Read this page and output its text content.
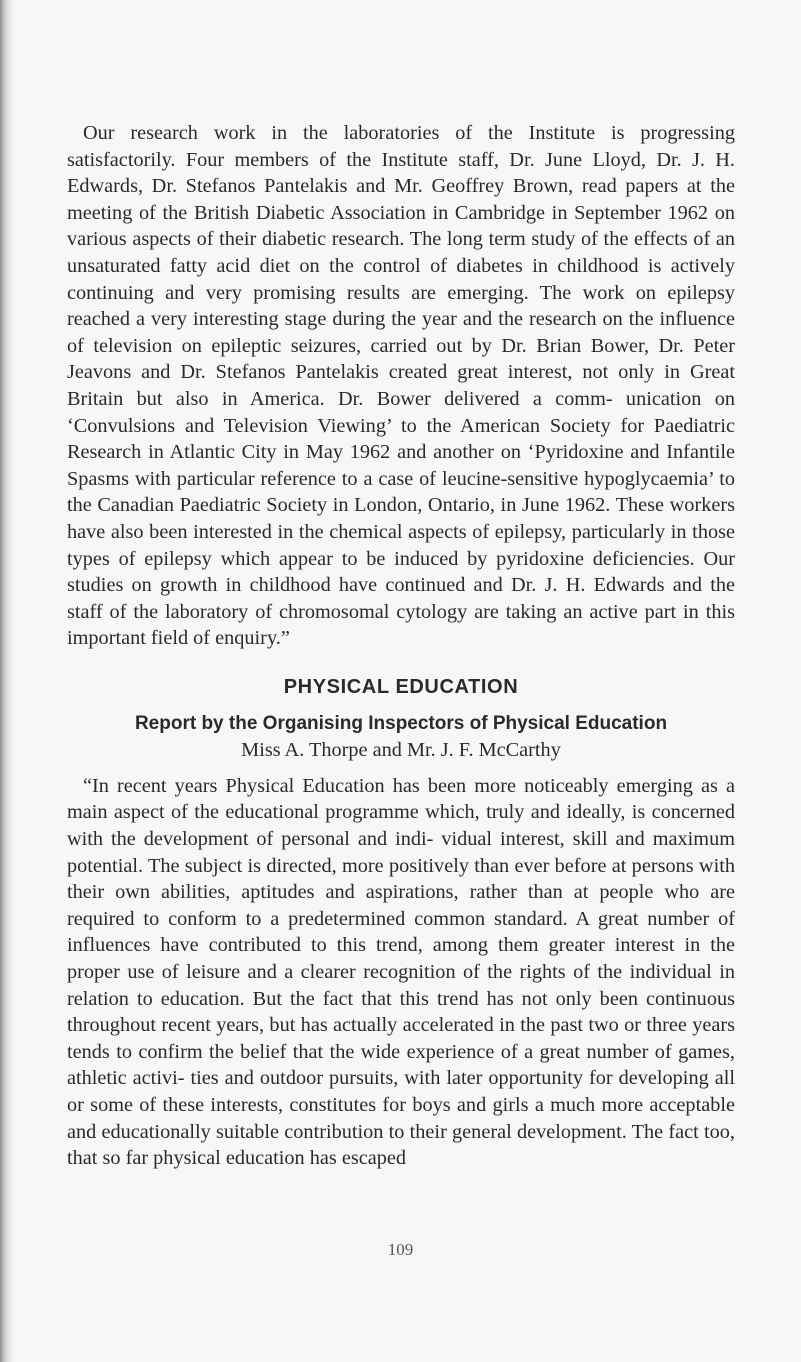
Our research work in the laboratories of the Institute is progressing satisfactorily. Four members of the Institute staff, Dr. June Lloyd, Dr. J. H. Edwards, Dr. Stefanos Pantelakis and Mr. Geoffrey Brown, read papers at the meeting of the British Diabetic Association in Cambridge in September 1962 on various aspects of their diabetic research. The long term study of the effects of an unsaturated fatty acid diet on the control of diabetes in childhood is actively continuing and very promising results are emerging. The work on epilepsy reached a very interesting stage during the year and the research on the influence of television on epileptic seizures, carried out by Dr. Brian Bower, Dr. Peter Jeavons and Dr. Stefanos Pantelakis created great interest, not only in Great Britain but also in America. Dr. Bower delivered a comm- unication on ‘Convulsions and Television Viewing’ to the American Society for Paediatric Research in Atlantic City in May 1962 and another on ‘Pyridoxine and Infantile Spasms with particular reference to a case of leucine-sensitive hypoglycaemia’ to the Canadian Paediatric Society in London, Ontario, in June 1962. These workers have also been interested in the chemical aspects of epilepsy, particularly in those types of epilepsy which appear to be induced by pyridoxine deficiencies. Our studies on growth in childhood have continued and Dr. J. H. Edwards and the staff of the laboratory of chromosomal cytology are taking an active part in this important field of enquiry.”

PHYSICAL EDUCATION
Report by the Organising Inspectors of Physical Education
Miss A. Thorpe and Mr. J. F. McCarthy

“In recent years Physical Education has been more noticeably emerging as a main aspect of the educational programme which, truly and ideally, is concerned with the development of personal and indi- vidual interest, skill and maximum potential. The subject is directed, more positively than ever before at persons with their own abilities, aptitudes and aspirations, rather than at people who are required to conform to a predetermined common standard. A great number of influences have contributed to this trend, among them greater interest in the proper use of leisure and a clearer recognition of the rights of the individual in relation to education. But the fact that this trend has not only been continuous throughout recent years, but has actually accelerated in the past two or three years tends to confirm the belief that the wide experience of a great number of games, athletic activi- ties and outdoor pursuits, with later opportunity for developing all or some of these interests, constitutes for boys and girls a much more acceptable and educationally suitable contribution to their general development. The fact too, that so far physical education has escaped

109
